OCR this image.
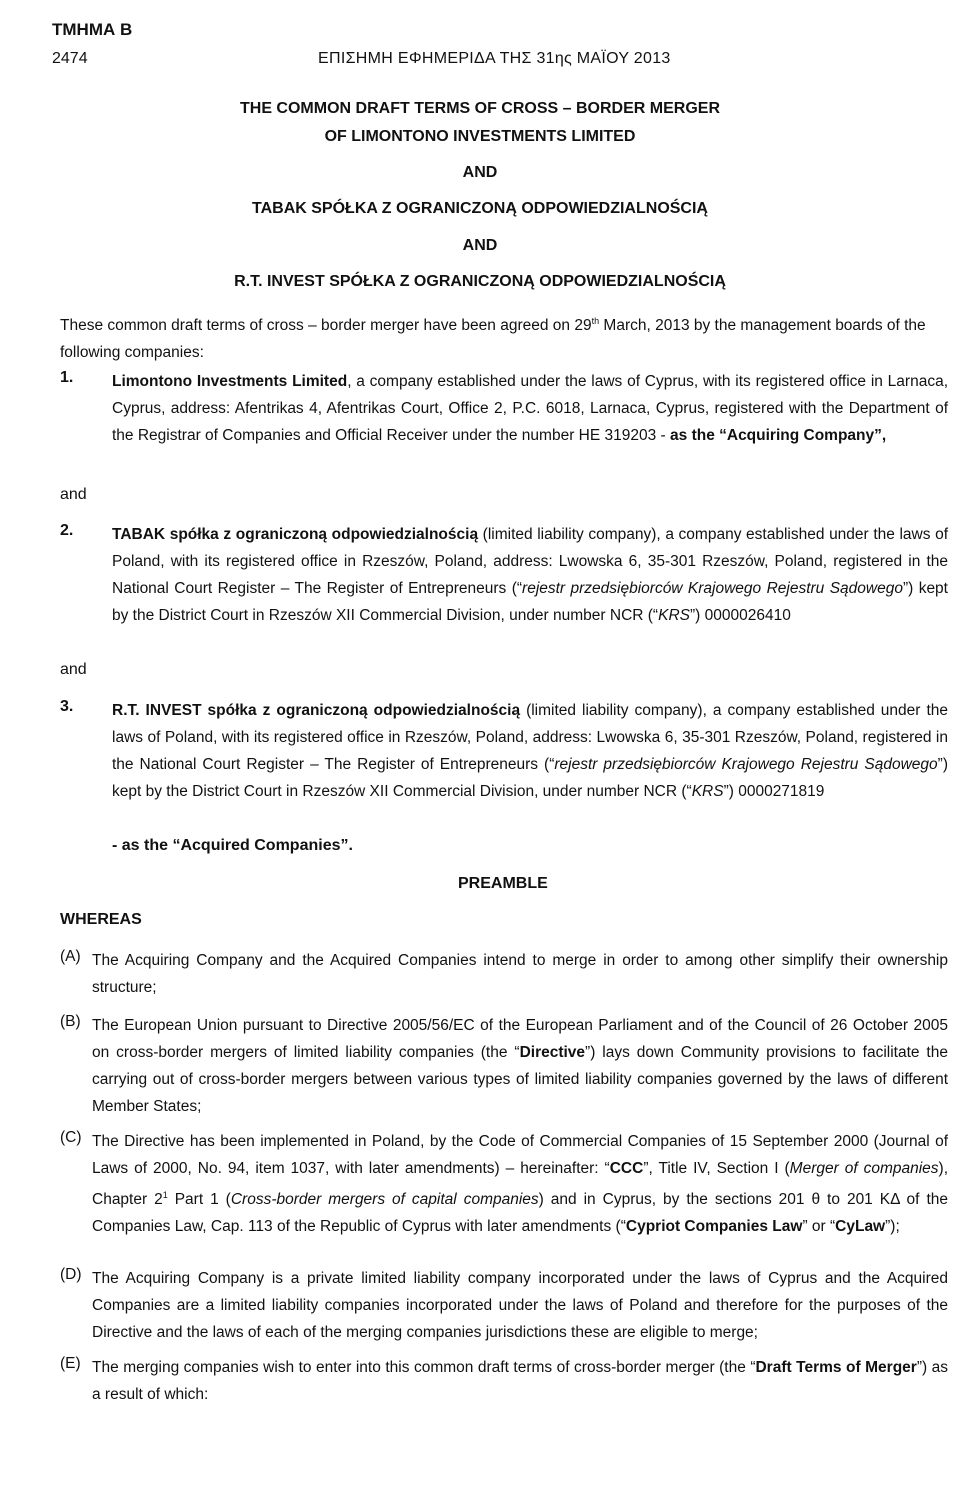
ΤΜΗΜΑ Β
2474	ΕΠΙΣΗΜΗ ΕΦΗΜΕΡΙΔΑ ΤΗΣ 31ης ΜΑΪΟΥ 2013
THE COMMON DRAFT TERMS OF CROSS – BORDER MERGER
OF LIMONTONO INVESTMENTS LIMITED
AND
TABAK SPÓŁKA Z OGRANICZONĄ ODPOWIEDZIALNOŚCIĄ
AND
R.T. INVEST SPÓŁKA Z OGRANICZONĄ ODPOWIEDZIALNOŚCIĄ
These common draft terms of cross – border merger have been agreed on 29th March, 2013 by the management boards of the following companies:
1. Limontono Investments Limited, a company established under the laws of Cyprus, with its registered office in Larnaca, Cyprus, address: Afentrikas 4, Afentrikas Court, Office 2, P.C. 6018, Larnaca, Cyprus, registered with the Department of the Registrar of Companies and Official Receiver under the number HE 319203 - as the “Acquiring Company”,
and
2. TABAK spółka z ograniczoną odpowiedzialnością (limited liability company), a company established under the laws of Poland, with its registered office in Rzeszów, Poland, address: Lwowska 6, 35-301 Rzeszów, Poland, registered in the National Court Register – The Register of Entrepreneurs (“rejestr przedsiębiorców Krajowego Rejestru Sądowego”) kept by the District Court in Rzeszów XII Commercial Division, under number NCR (“KRS”) 0000026410
and
3. R.T. INVEST spółka z ograniczoną odpowiedzialnością (limited liability company), a company established under the laws of Poland, with its registered office in Rzeszów, Poland, address: Lwowska 6, 35-301 Rzeszów, Poland, registered in the National Court Register – The Register of Entrepreneurs (“rejestr przedsiębiorców Krajowego Rejestru Sądowego”) kept by the District Court in Rzeszów XII Commercial Division, under number NCR (“KRS”) 0000271819
- as the “Acquired Companies”.
PREAMBLE
WHEREAS
(A) The Acquiring Company and the Acquired Companies intend to merge in order to among other simplify their ownership structure;
(B) The European Union pursuant to Directive 2005/56/EC of the European Parliament and of the Council of 26 October 2005 on cross-border mergers of limited liability companies (the “Directive”) lays down Community provisions to facilitate the carrying out of cross-border mergers between various types of limited liability companies governed by the laws of different Member States;
(C) The Directive has been implemented in Poland, by the Code of Commercial Companies of 15 September 2000 (Journal of Laws of 2000, No. 94, item 1037, with later amendments) – hereinafter: “CCC”, Title IV, Section I (Merger of companies), Chapter $2^1$ Part 1 (Cross-border mergers of capital companies) and in Cyprus, by the sections 201 θ to 201 ΚΔ of the Companies Law, Cap. 113 of the Republic of Cyprus with later amendments (“Cypriot Companies Law” or “CyLaw”);
(D) The Acquiring Company is a private limited liability company incorporated under the laws of Cyprus and the Acquired Companies are a limited liability companies incorporated under the laws of Poland and therefore for the purposes of the Directive and the laws of each of the merging companies jurisdictions these are eligible to merge;
(E) The merging companies wish to enter into this common draft terms of cross-border merger (the “Draft Terms of Merger”) as a result of which:
